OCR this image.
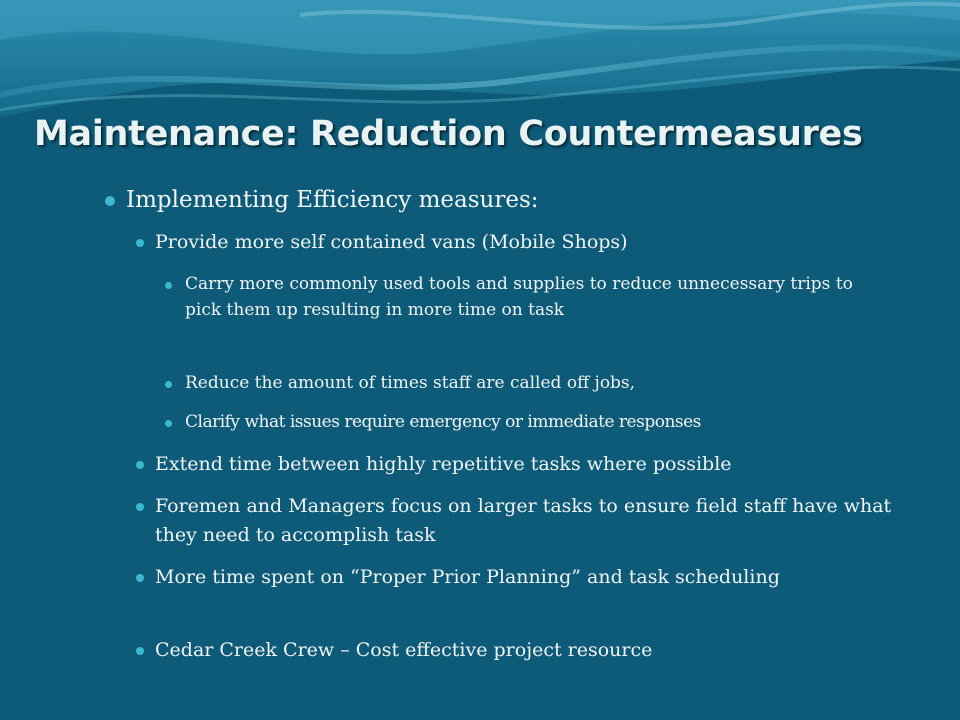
Maintenance: Reduction Countermeasures

Implementing Efficiency measures:

Provide more self contained vans (Mobile Shops)

Carry more commonly used tools and supplies to reduce unnecessary trips to pick them up resulting in more time on task

Reduce the amount of times staff are called off jobs,

Clarify what issues require emergency or immediate responses

Extend time between highly repetitive tasks where possible

Foremen and Managers focus on larger tasks to ensure field staff have what they need to accomplish task

More time spent on “Proper Prior Planning” and task scheduling

Cedar Creek Crew – Cost effective project resource
